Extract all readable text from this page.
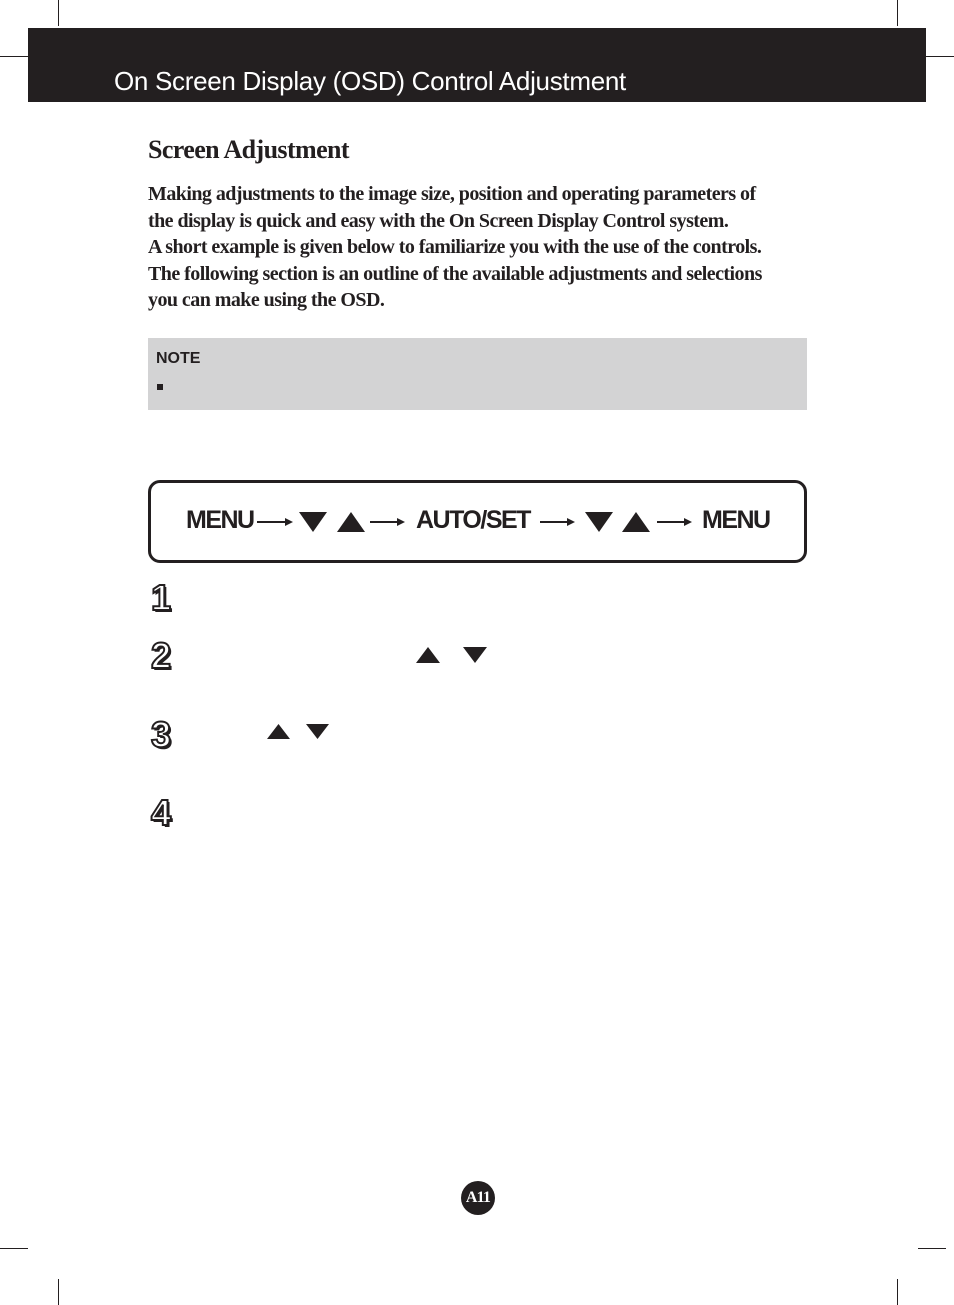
On Screen Display (OSD) Control Adjustment
Screen Adjustment

Making adjustments to the image size, position and operating parameters of
the display is quick and easy with the On Screen Display Control system.
A short example is given below to familiarize you with the use of the controls.
The following section is an outline of the available adjustments and selections
you can make using the OSD.

NOTE
MENU	AUTO/SET	MENU
1
2
3
4
A11
